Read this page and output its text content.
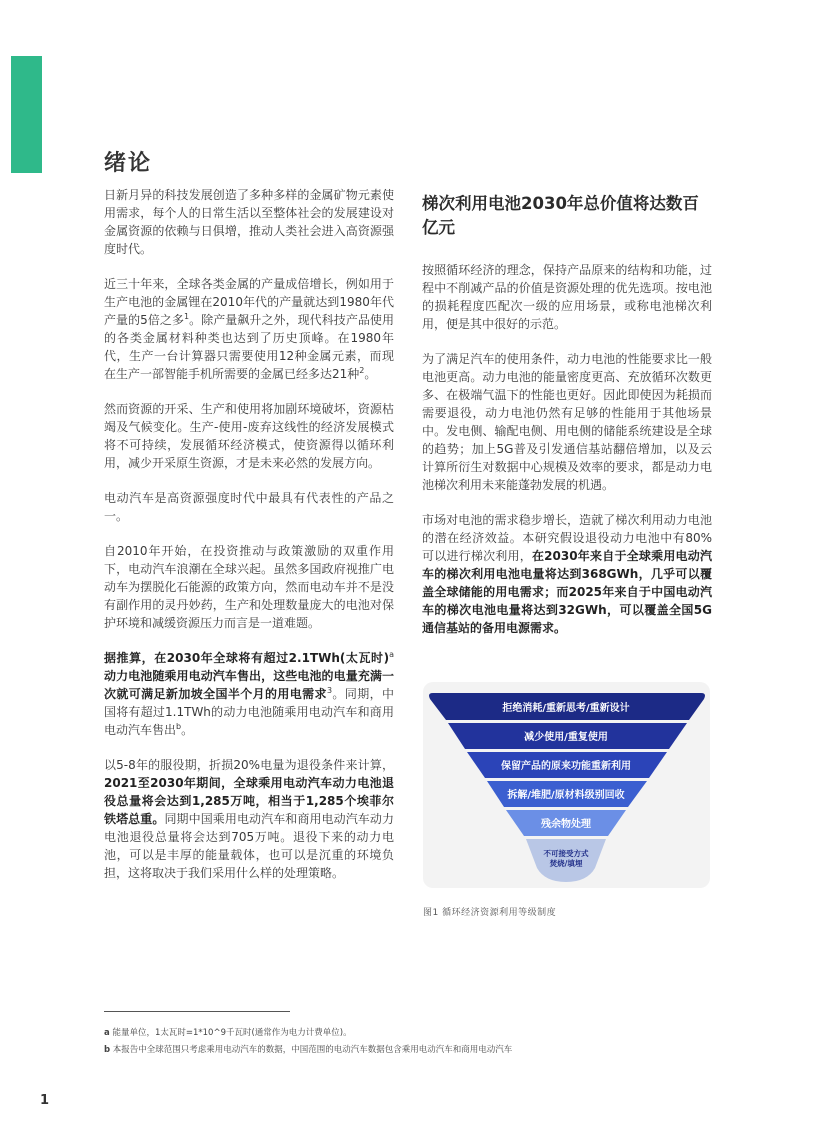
绪论

日新月异的科技发展创造了多种多样的金属矿物元素使用需求，每个人的日常生活以至整体社会的发展建设对金属资源的依赖与日俱增，推动人类社会进入高资源强度时代。

近三十年来，全球各类金属的产量成倍增长，例如用于生产电池的金属锂在2010年代的产量就达到1980年代产量的5倍之多$^1$。除产量飙升之外，现代科技产品使用的各类金属材料种类也达到了历史顶峰。在1980年代，生产一台计算器只需要使用12种金属元素，而现在生产一部智能手机所需要的金属已经多达21种$^2$。

然而资源的开采、生产和使用将加剧环境破坏，资源枯竭及气候变化。生产-使用-废弃这线性的经济发展模式将不可持续，发展循环经济模式，使资源得以循环利用，减少开采原生资源，才是未来必然的发展方向。

电动汽车是高资源强度时代中最具有代表性的产品之一。

自2010年开始，在投资推动与政策激励的双重作用下，电动汽车浪潮在全球兴起。虽然多国政府视推广电动车为摆脱化石能源的政策方向，然而电动车并不是没有副作用的灵丹妙药，生产和处理数量庞大的电池对保护环境和减缓资源压力而言是一道难题。

据推算，在2030年全球将有超过2.1TWh(太瓦时)$^a$动力电池随乘用电动汽车售出，这些电池的电量充满一次就可满足新加坡全国半个月的用电需求$^3$。同期，中国将有超过1.1TWh的动力电池随乘用电动汽车和商用电动汽车售出$^b$。

以5-8年的服役期，折损20%电量为退役条件来计算，2021至2030年期间，全球乘用电动汽车动力电池退役总量将会达到1,285万吨，相当于1,285个埃菲尔铁塔总重。同期中国乘用电动汽车和商用电动汽车动力电池退役总量将会达到705万吨。退役下来的动力电池，可以是丰厚的能量载体，也可以是沉重的环境负担，这将取决于我们采用什么样的处理策略。

梯次利用电池2030年总价值将达数百亿元

按照循环经济的理念，保持产品原来的结构和功能，过程中不削减产品的价值是资源处理的优先选项。按电池的损耗程度匹配次一级的应用场景，或称电池梯次利用，便是其中很好的示范。

为了满足汽车的使用条件，动力电池的性能要求比一般电池更高。动力电池的能量密度更高、充放循环次数更多、在极端气温下的性能也更好。因此即使因为耗损而需要退役，动力电池仍然有足够的性能用于其他场景中。发电侧、输配电侧、用电侧的储能系统建设是全球的趋势；加上5G普及引发通信基站翻倍增加，以及云计算所衍生对数据中心规模及效率的要求，都是动力电池梯次利用未来能蓬勃发展的机遇。

市场对电池的需求稳步增长，造就了梯次利用动力电池的潜在经济效益。本研究假设退役动力电池中有80%可以进行梯次利用，在2030年来自于全球乘用电动汽车的梯次利用电池电量将达到368GWh，几乎可以覆盖全球储能的用电需求；而2025年来自于中国电动汽车的梯次电池电量将达到32GWh，可以覆盖全国5G通信基站的备用电源需求。

拒绝消耗/重新思考/重新设计
减少使用/重复使用
保留产品的原来功能重新利用
拆解/堆肥/原材料级别回收
残余物处理
不可接受方式
焚烧/填埋
图1 循环经济资源利用等级制度
a 能量单位，1太瓦时=1*10^9千瓦时(通常作为电力计费单位)。
b 本报告中全球范围只考虑乘用电动汽车的数据，中国范围的电动汽车数据包含乘用电动汽车和商用电动汽车
1
